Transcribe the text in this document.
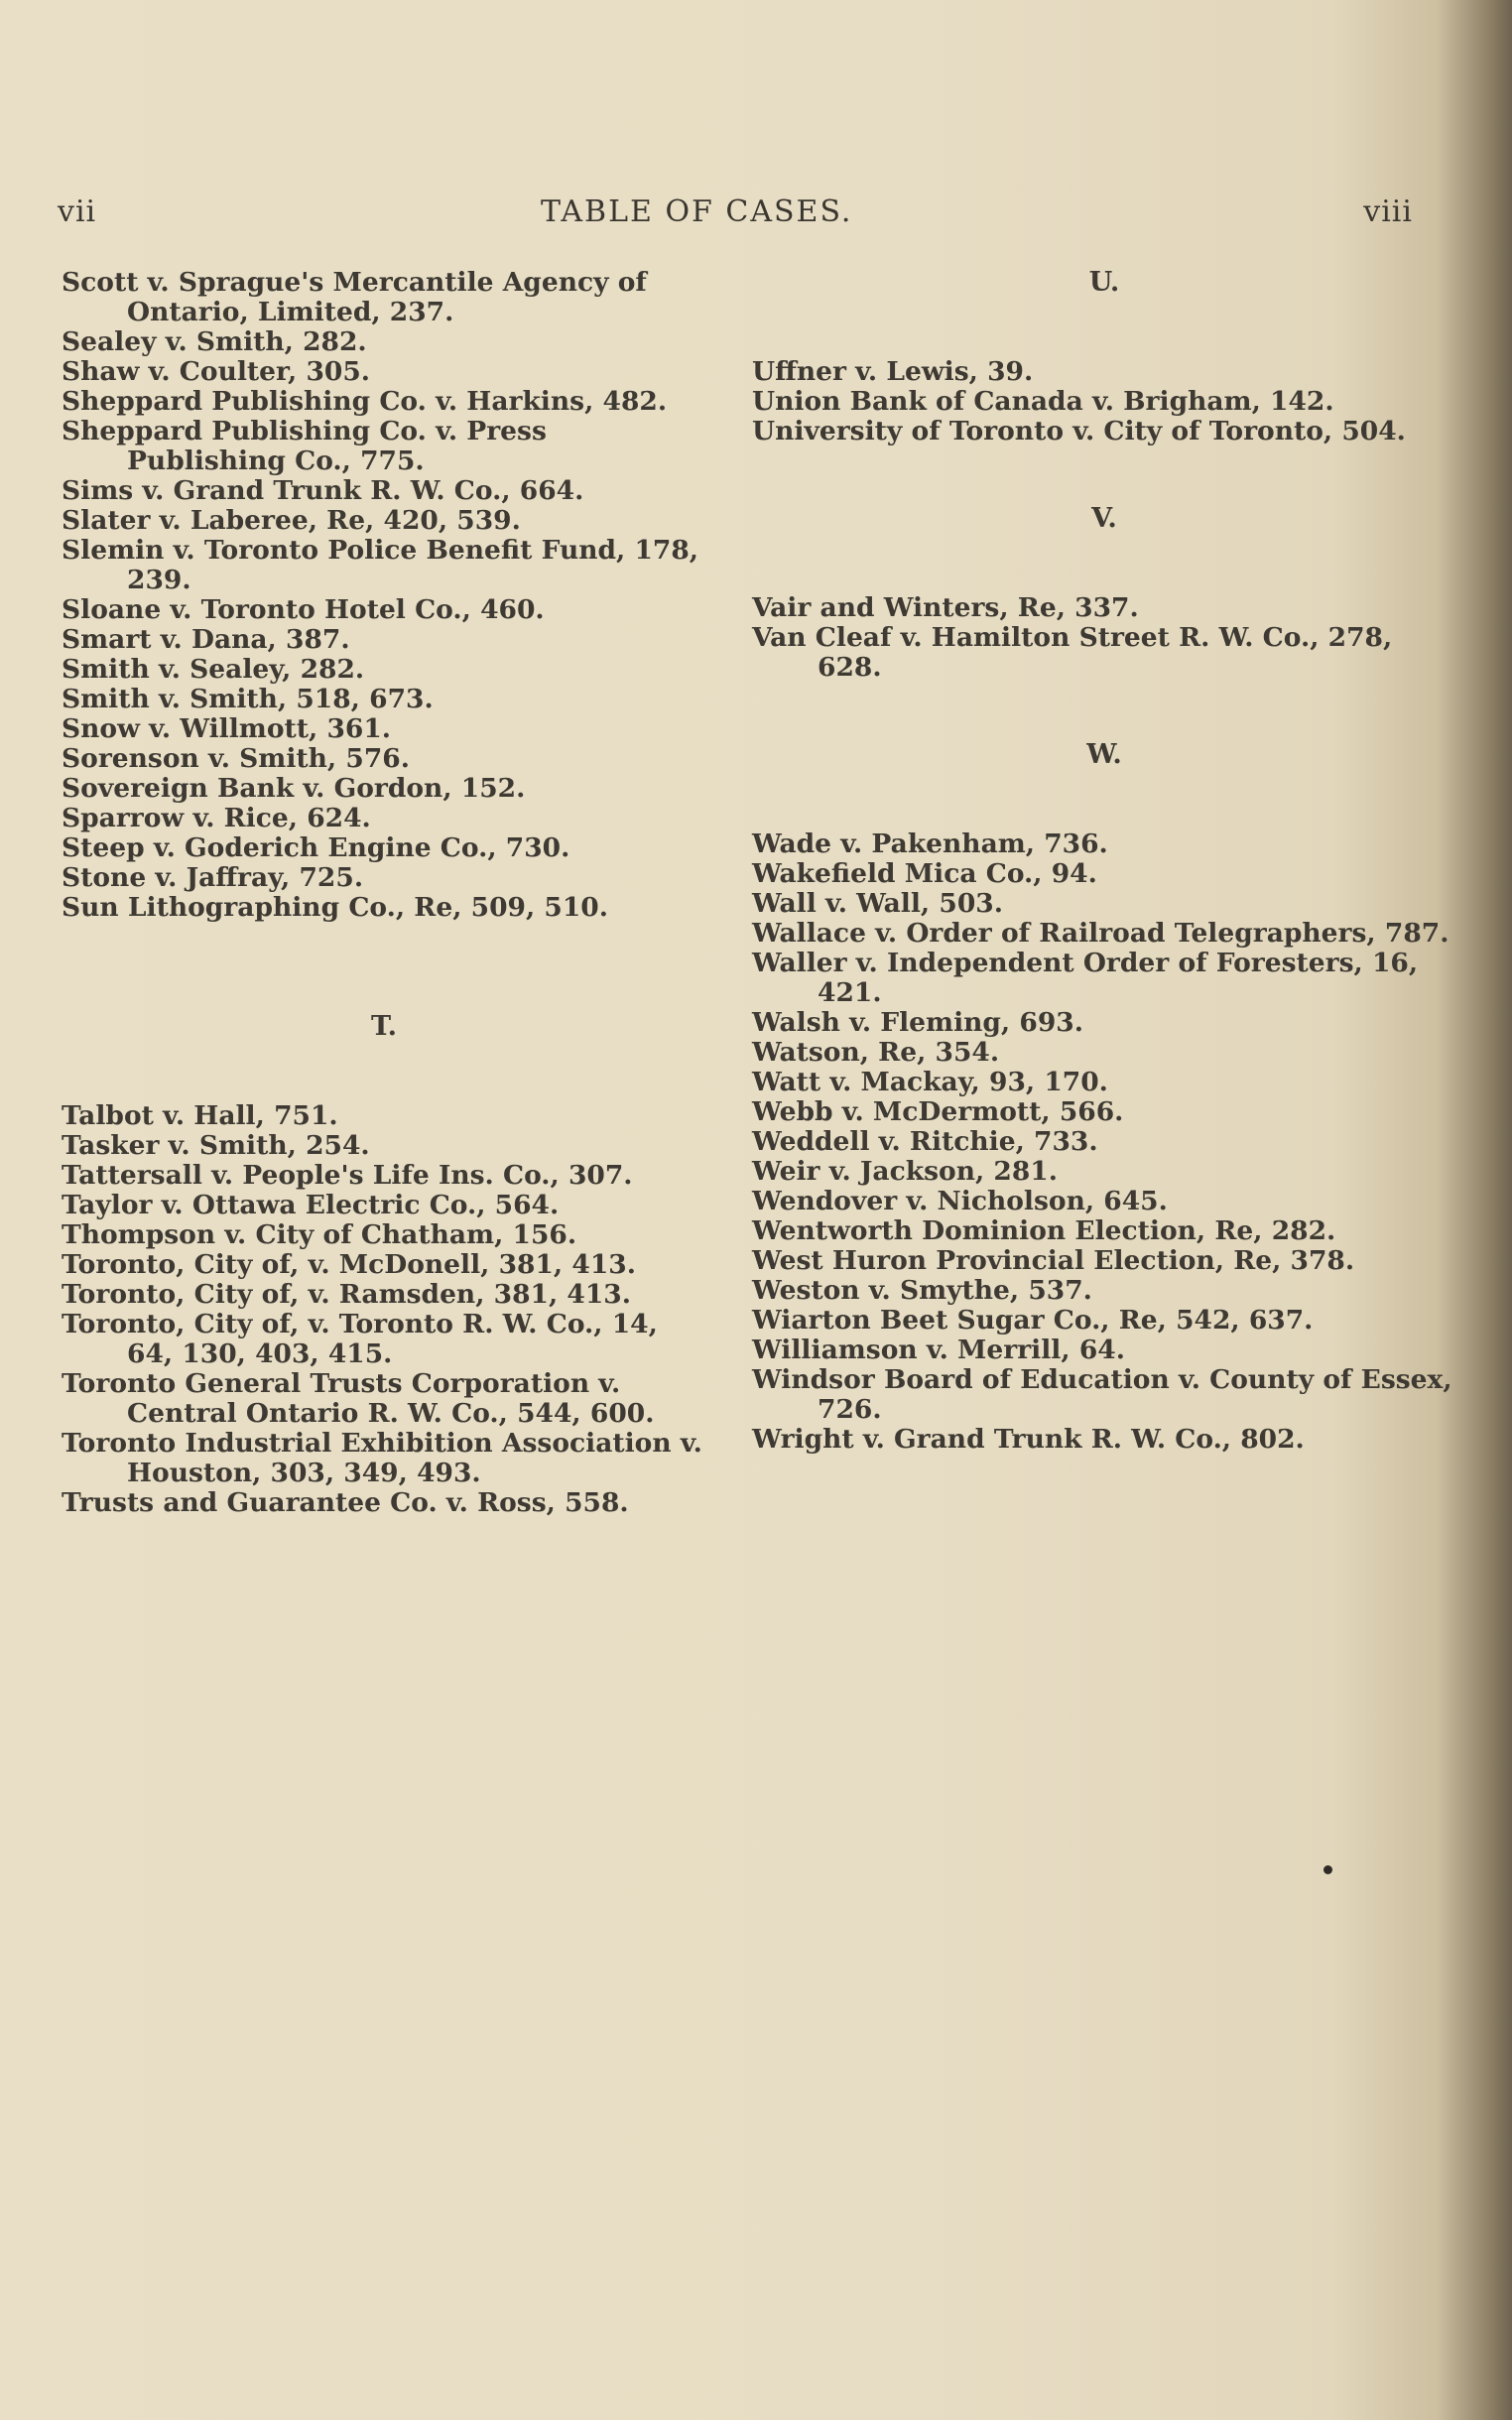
vii	TABLE OF CASES.	viii
Scott v. Sprague's Mercantile Agency of Ontario, Limited, 237.
Sealey v. Smith, 282.
Shaw v. Coulter, 305.
Sheppard Publishing Co. v. Harkins, 482.
Sheppard Publishing Co. v. Press Publishing Co., 775.
Sims v. Grand Trunk R. W. Co., 664.
Slater v. Laberee, Re, 420, 539.
Slemin v. Toronto Police Benefit Fund, 178, 239.
Sloane v. Toronto Hotel Co., 460.
Smart v. Dana, 387.
Smith v. Sealey, 282.
Smith v. Smith, 518, 673.
Snow v. Willmott, 361.
Sorenson v. Smith, 576.
Sovereign Bank v. Gordon, 152.
Sparrow v. Rice, 624.
Steep v. Goderich Engine Co., 730.
Stone v. Jaffray, 725.
Sun Lithographing Co., Re, 509, 510.
T.
Talbot v. Hall, 751.
Tasker v. Smith, 254.
Tattersall v. People's Life Ins. Co., 307.
Taylor v. Ottawa Electric Co., 564.
Thompson v. City of Chatham, 156.
Toronto, City of, v. McDonell, 381, 413.
Toronto, City of, v. Ramsden, 381, 413.
Toronto, City of, v. Toronto R. W. Co., 14, 64, 130, 403, 415.
Toronto General Trusts Corporation v. Central Ontario R. W. Co., 544, 600.
Toronto Industrial Exhibition Association v. Houston, 303, 349, 493.
Trusts and Guarantee Co. v. Ross, 558.
U.
Uffner v. Lewis, 39.
Union Bank of Canada v. Brigham, 142.
University of Toronto v. City of Toronto, 504.
V.
Vair and Winters, Re, 337.
Van Cleaf v. Hamilton Street R. W. Co., 278, 628.
W.
Wade v. Pakenham, 736.
Wakefield Mica Co., 94.
Wall v. Wall, 503.
Wallace v. Order of Railroad Telegraphers, 787.
Waller v. Independent Order of Foresters, 16, 421.
Walsh v. Fleming, 693.
Watson, Re, 354.
Watt v. Mackay, 93, 170.
Webb v. McDermott, 566.
Weddell v. Ritchie, 733.
Weir v. Jackson, 281.
Wendover v. Nicholson, 645.
Wentworth Dominion Election, Re, 282.
West Huron Provincial Election, Re, 378.
Weston v. Smythe, 537.
Wiarton Beet Sugar Co., Re, 542, 637.
Williamson v. Merrill, 64.
Windsor Board of Education v. County of Essex, 726.
Wright v. Grand Trunk R. W. Co., 802.
